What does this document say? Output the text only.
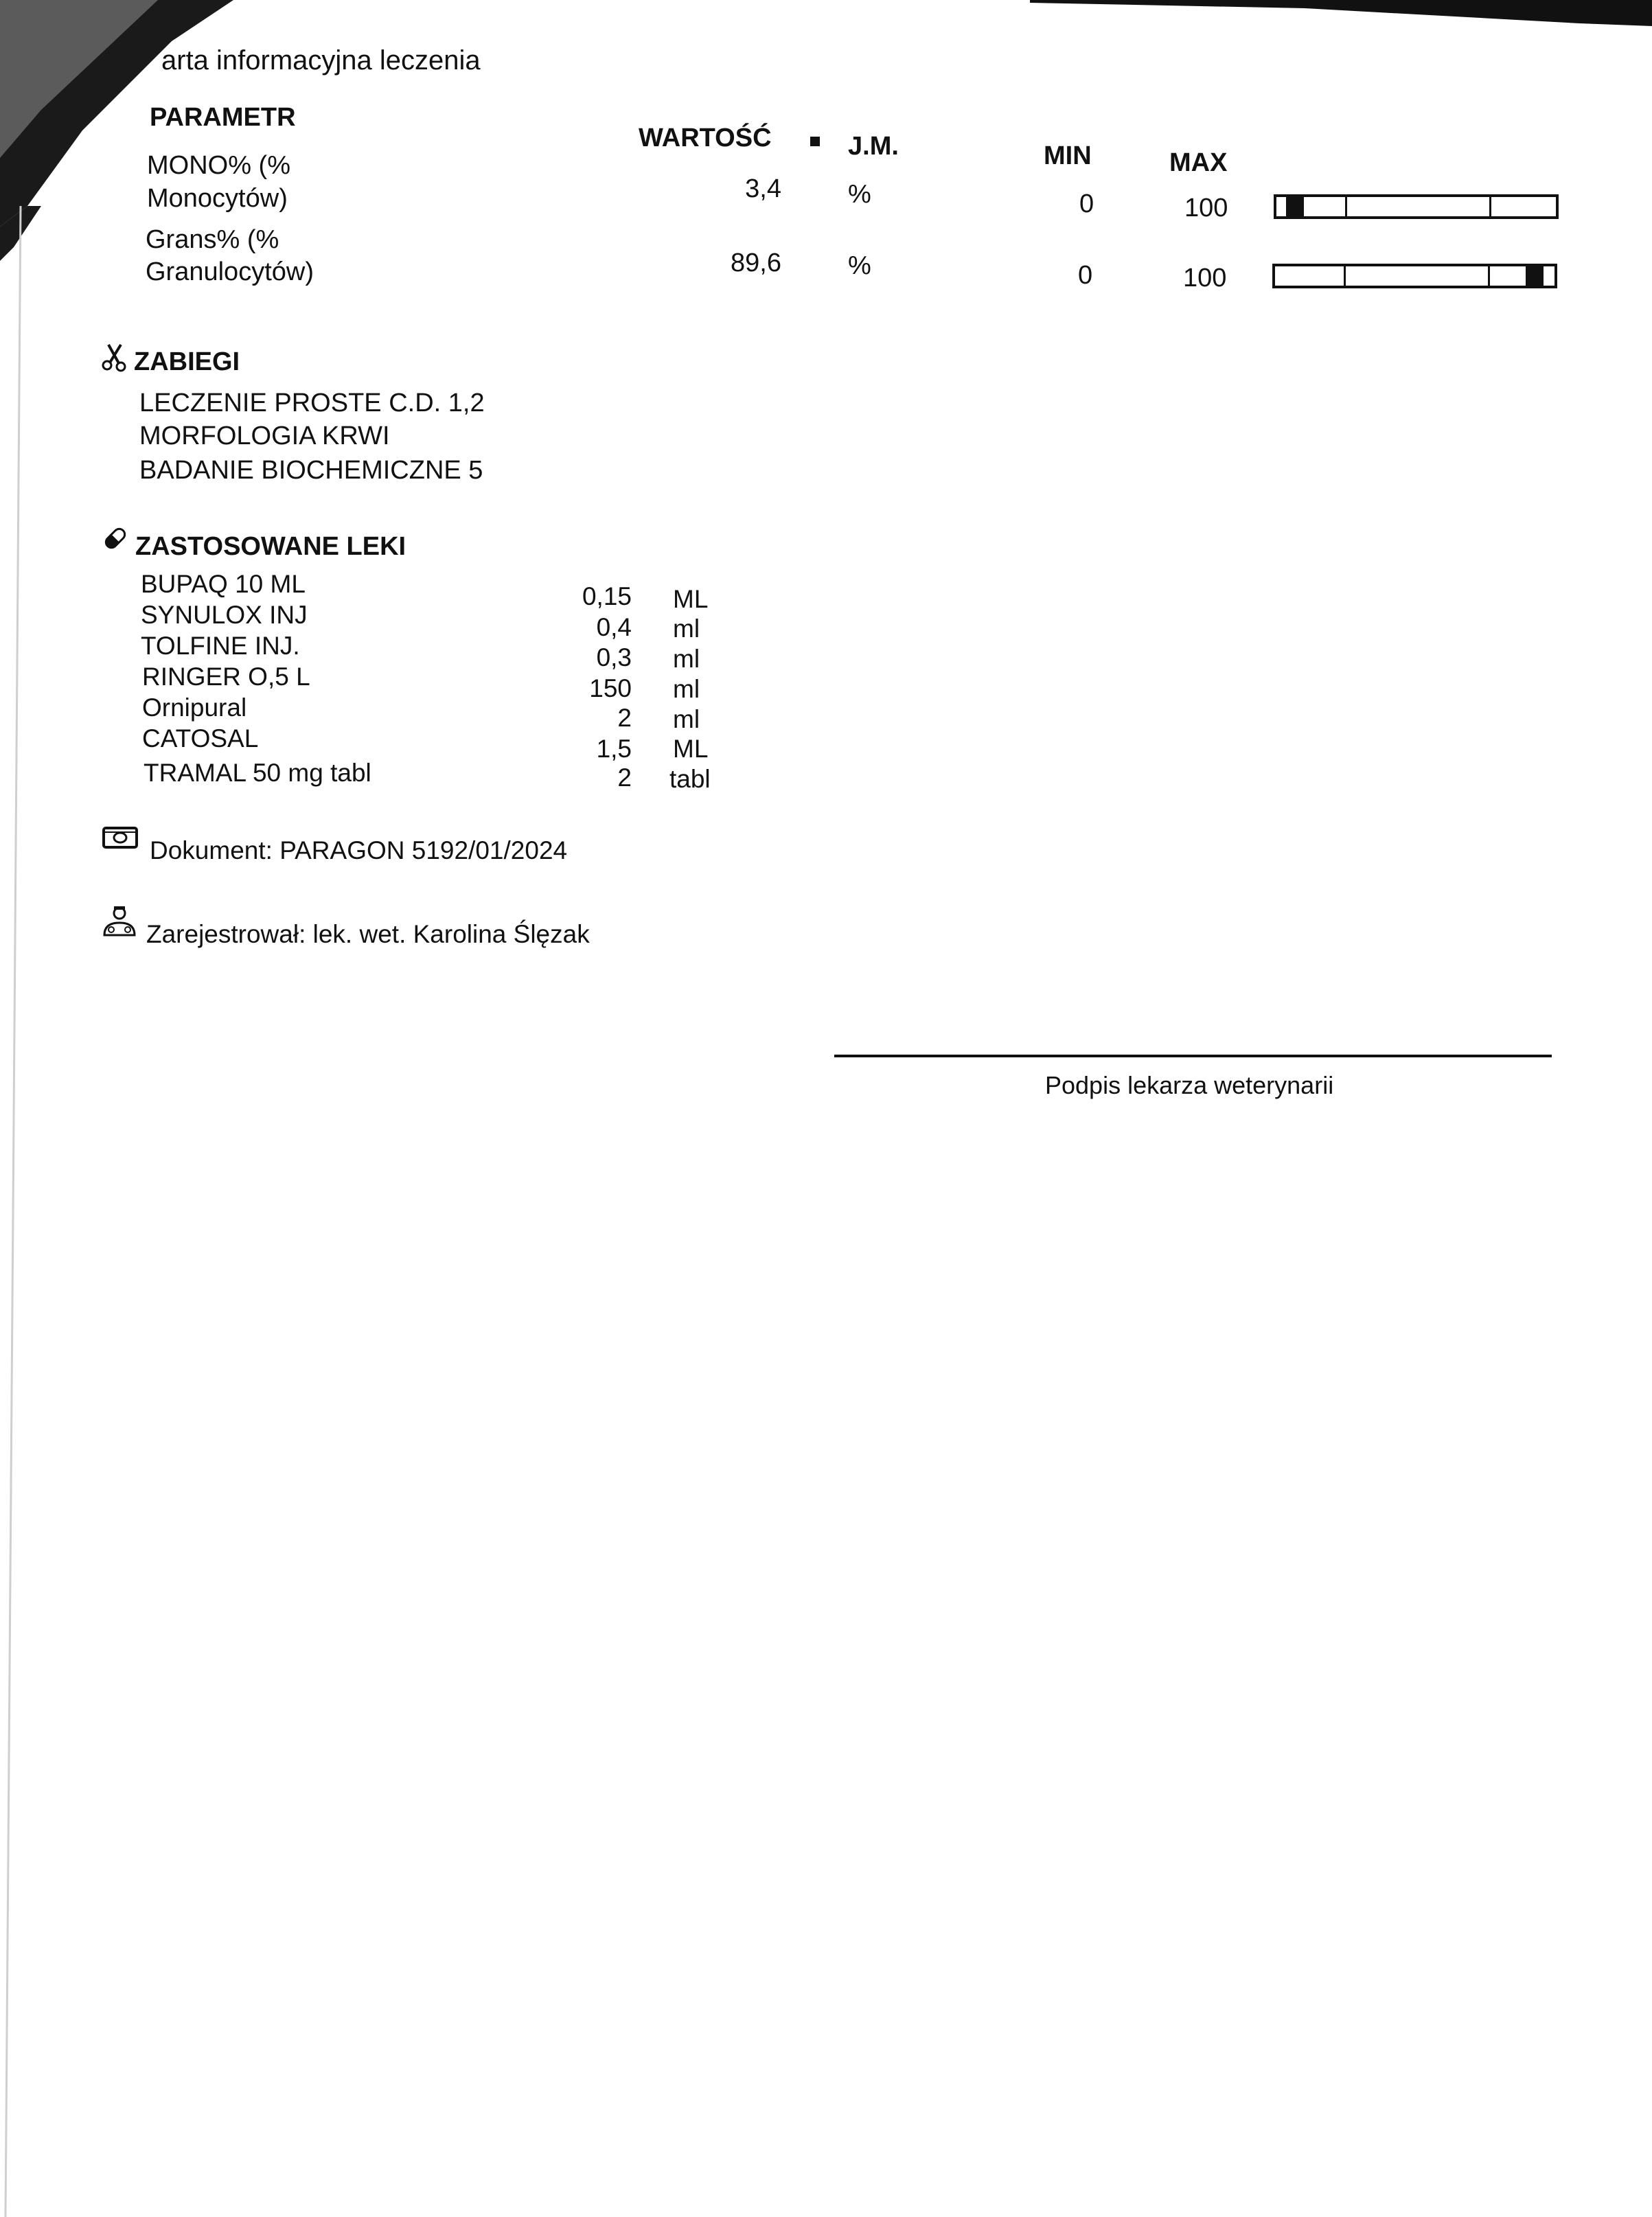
arta informacyjna leczenia
PARAMETR
WARTOŚĆ	J.M.	MIN	MAX
MONO% (%
Monocytów)	3,4	%	0	100
Grans% (%
Granulocytów)	89,6	%	0	100
ZABIEGI
LECZENIE PROSTE C.D. 1,2
MORFOLOGIA KRWI
BADANIE BIOCHEMICZNE 5
ZASTOSOWANE LEKI
BUPAQ 10 ML	0,15 ML
SYNULOX INJ	0,4 ml
TOLFINE INJ.	0,3 ml
RINGER O,5 L	150 ml
Ornipural	2 ml
CATOSAL	1,5 ML
TRAMAL 50 mg tabl	2 tabl
Dokument: PARAGON 5192/01/2024
Zarejestrował: lek. wet. Karolina Ślęzak
Podpis lekarza weterynarii
